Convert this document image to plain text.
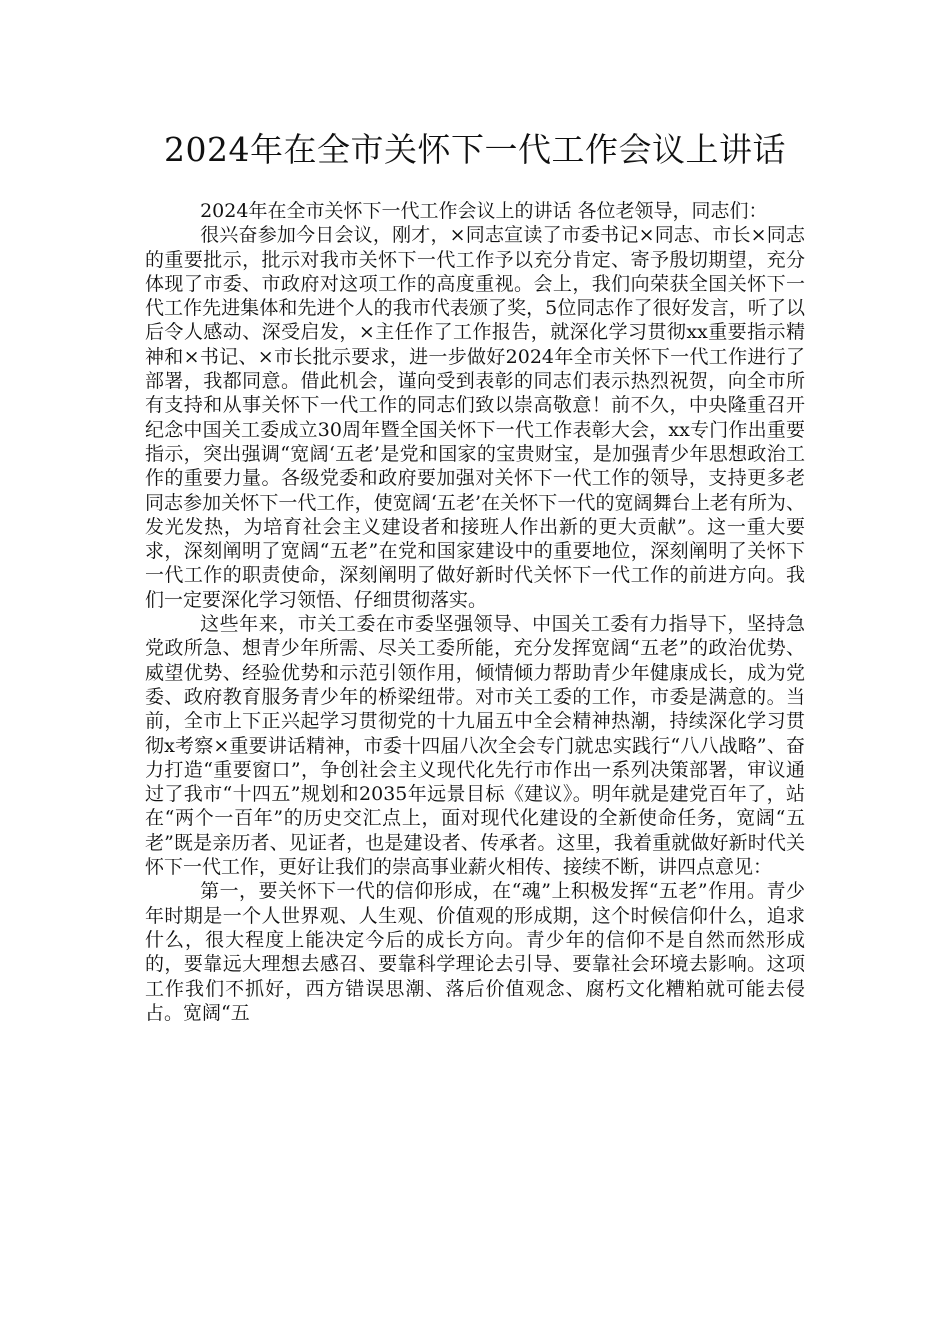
2024年在全市关怀下一代工作会议上讲话

2024年在全市关怀下一代工作会议上的讲话 各位老领导，同志们：

很兴奋参加今日会议，刚才，×同志宣读了市委书记×同志、市长×同志的重要批示，批示对我市关怀下一代工作予以充分肯定、寄予殷切期望，充分体现了市委、市政府对这项工作的高度重视。会上，我们向荣获全国关怀下一代工作先进集体和先进个人的我市代表颁了奖，5位同志作了很好发言，听了以后令人感动、深受启发，×主任作了工作报告，就深化学习贯彻xx重要指示精神和×书记、×市长批示要求，进一步做好2024年全市关怀下一代工作进行了部署，我都同意。借此机会，谨向受到表彰的同志们表示热烈祝贺，向全市所有支持和从事关怀下一代工作的同志们致以崇高敬意！前不久，中央隆重召开纪念中国关工委成立30周年暨全国关怀下一代工作表彰大会，xx专门作出重要指示，突出强调“宽阔‘五老’是党和国家的宝贵财宝，是加强青少年思想政治工作的重要力量。各级党委和政府要加强对关怀下一代工作的领导，支持更多老同志参加关怀下一代工作，使宽阔‘五老’在关怀下一代的宽阔舞台上老有所为、发光发热，为培育社会主义建设者和接班人作出新的更大贡献”。这一重大要求，深刻阐明了宽阔“五老”在党和国家建设中的重要地位，深刻阐明了关怀下一代工作的职责使命，深刻阐明了做好新时代关怀下一代工作的前进方向。我们一定要深化学习领悟、仔细贯彻落实。

这些年来，市关工委在市委坚强领导、中国关工委有力指导下，坚持急党政所急、想青少年所需、尽关工委所能，充分发挥宽阔“五老”的政治优势、威望优势、经验优势和示范引领作用，倾情倾力帮助青少年健康成长，成为党委、政府教育服务青少年的桥梁纽带。对市关工委的工作，市委是满意的。当前，全市上下正兴起学习贯彻党的十九届五中全会精神热潮，持续深化学习贯彻x考察×重要讲话精神，市委十四届八次全会专门就忠实践行“八八战略”、奋力打造“重要窗口”，争创社会主义现代化先行市作出一系列决策部署，审议通过了我市“十四五”规划和2035年远景目标《建议》。明年就是建党百年了，站在“两个一百年”的历史交汇点上，面对现代化建设的全新使命任务，宽阔“五老”既是亲历者、见证者，也是建设者、传承者。这里，我着重就做好新时代关怀下一代工作，更好让我们的崇高事业薪火相传、接续不断，讲四点意见：

第一，要关怀下一代的信仰形成，在“魂”上积极发挥“五老”作用。青少年时期是一个人世界观、人生观、价值观的形成期，这个时候信仰什么，追求什么，很大程度上能决定今后的成长方向。青少年的信仰不是自然而然形成的，要靠远大理想去感召、要靠科学理论去引导、要靠社会环境去影响。这项工作我们不抓好，西方错误思潮、落后价值观念、腐朽文化糟粕就可能去侵占。宽阔“五
